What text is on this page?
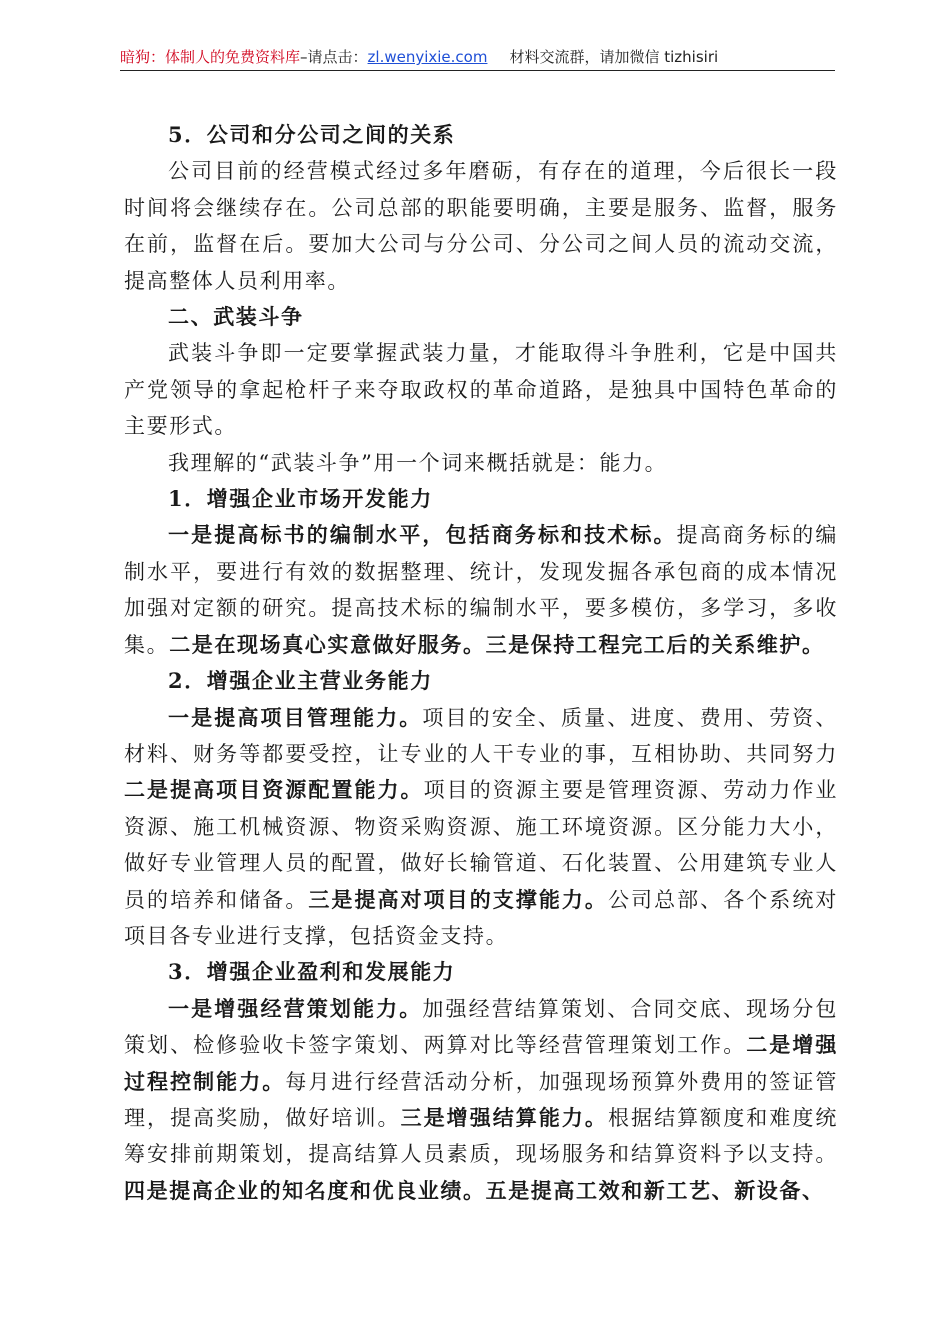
暗狗：体制人的免费资料库–请点击：zl.wenyixie.com 材料交流群，请加微信 tizhisiri

5．公司和分公司之间的关系

公司目前的经营模式经过多年磨砺，有存在的道理，今后很长一段时间将会继续存在。公司总部的职能要明确，主要是服务、监督，服务在前，监督在后。要加大公司与分公司、分公司之间人员的流动交流，提高整体人员利用率。

二、武装斗争

武装斗争即一定要掌握武装力量，才能取得斗争胜利，它是中国共产党领导的拿起枪杆子来夺取政权的革命道路，是独具中国特色革命的主要形式。

我理解的“武装斗争”用一个词来概括就是：能力。

1．增强企业市场开发能力

一是提高标书的编制水平，包括商务标和技术标。提高商务标的编制水平，要进行有效的数据整理、统计，发现发掘各承包商的成本情况加强对定额的研究。提高技术标的编制水平，要多模仿，多学习，多收集。二是在现场真心实意做好服务。三是保持工程完工后的关系维护。

2．增强企业主营业务能力

一是提高项目管理能力。项目的安全、质量、进度、费用、劳资、材料、财务等都要受控，让专业的人干专业的事，互相协助、共同努力二是提高项目资源配置能力。项目的资源主要是管理资源、劳动力作业资源、施工机械资源、物资采购资源、施工环境资源。区分能力大小，做好专业管理人员的配置，做好长输管道、石化装置、公用建筑专业人员的培养和储备。三是提高对项目的支撑能力。公司总部、各个系统对项目各专业进行支撑，包括资金支持。

3．增强企业盈利和发展能力

一是增强经营策划能力。加强经营结算策划、合同交底、现场分包策划、检修验收卡签字策划、两算对比等经营管理策划工作。二是增强过程控制能力。每月进行经营活动分析，加强现场预算外费用的签证管理，提高奖励，做好培训。三是增强结算能力。根据结算额度和难度统筹安排前期策划，提高结算人员素质，现场服务和结算资料予以支持。四是提高企业的知名度和优良业绩。五是提高工效和新工艺、新设备、
